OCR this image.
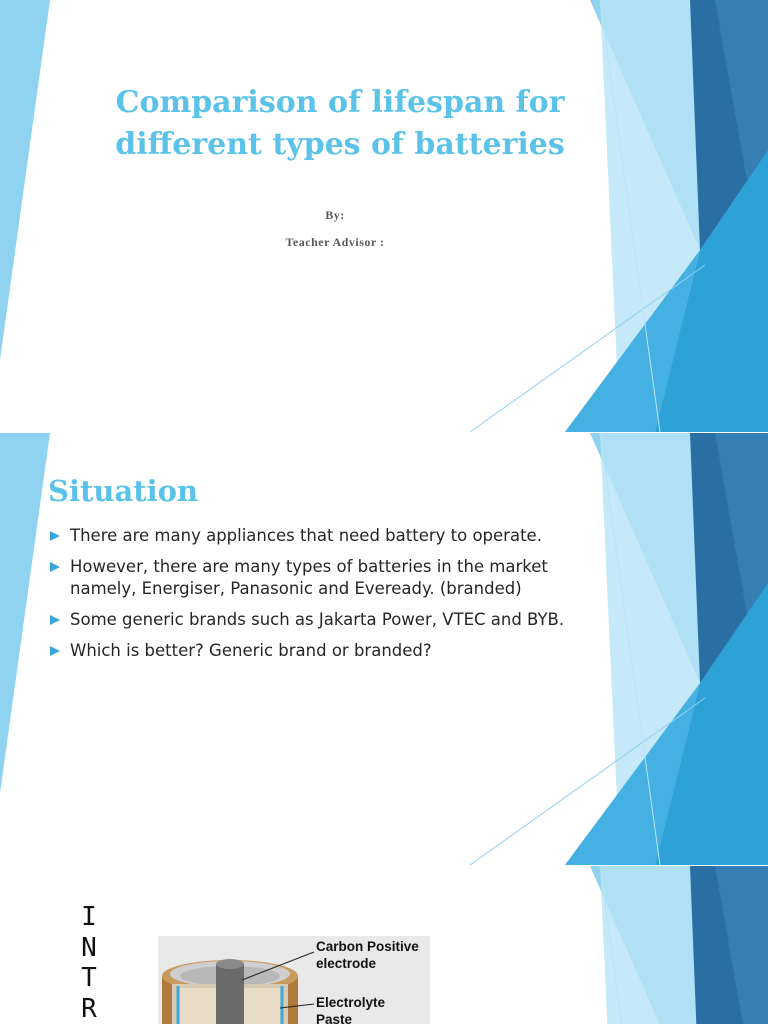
Comparison of lifespan for different types of batteries
By:
Teacher Advisor :
Situation
There are many appliances that need battery to operate.
However, there are many types of batteries in the market namely, Energiser, Panasonic and Eveready. (branded)
Some generic brands such as Jakarta Power, VTEC and BYB.
Which is better? Generic brand or branded?
I
N
T
R
Carbon Positive
electrode
Electrolyte
Paste
